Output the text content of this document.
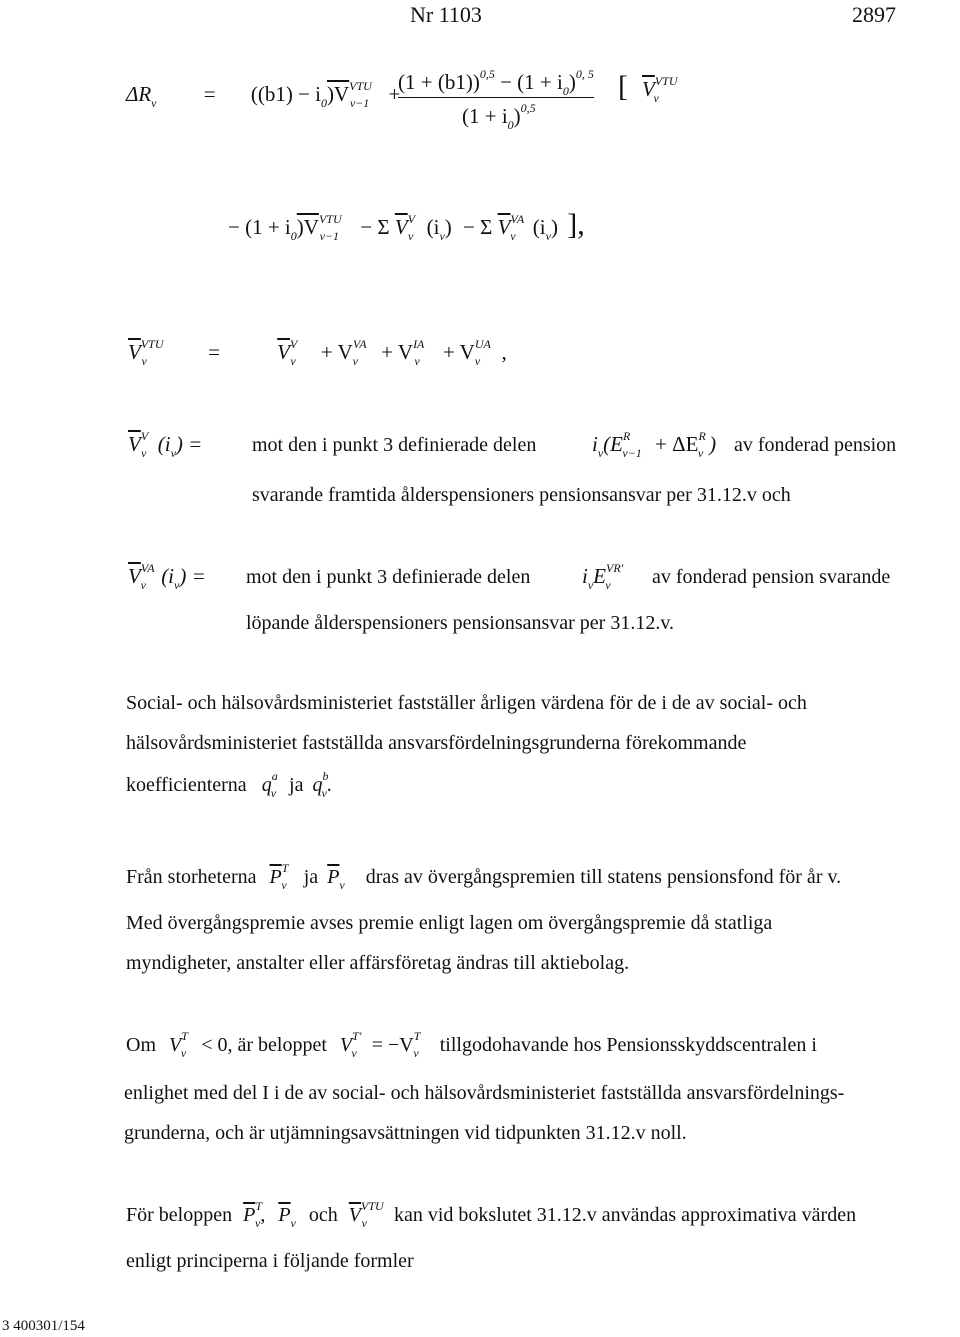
Nr 1103	2897
$\Delta R_v = ((b1) - i_0)V^{VTU}_{v-1}$ +
$(1 + (b1))^{0,5} - (1 + i_0)^{0, 5}$
$(1 + i_0)^{0,5}$
[ $\overline{V}^{VTU}_v$
− $(1 + i_0)V^{VTU}_{v-1} - \Sigma$ $\overline{V}^V_v$ $(i_v) - \Sigma$ $\overline{V}^{VA}_v$ $(i_v)$ ],
$\overline{V}^{VTU}_v$	=	$\overline{V}^V_v + V^{VA}_v + V^{IA}_v + V^{UA}_v$ ,
$\overline{V}^V_v$ $(i_v)$ = mot den i punkt 3 definierade delen	$i_v(E^R_{v-1} + \Delta E^R_v$ ) av fonderad pension
svarande framtida ålderspensioners pensionsansvar per 31.12.v och
$\overline{V}^{VA}_v$ $(i_v)$ = mot den i punkt 3 definierade delen $i_vE^{VR'}_v$ av fonderad pension svarande
löpande ålderspensioners pensionsansvar per 31.12.v.
Social- och hälsovårdsministeriet fastställer årligen värdena för de i de av social- och
hälsovårdsministeriet fastställda ansvarsfördelningsgrunderna förekommande
koefficienterna $q^a_v$ ja $q^b_v$.
Från storheterna $\overline{P}^T_v$ ja $\overline{P}_v$ dras av övergångspremien till statens pensionsfond för år v.
Med övergångspremie avses premie enligt lagen om övergångspremie då statliga
myndigheter, anstalter eller affärsföretag ändras till aktiebolag.
Om $V^T_v < 0$, är beloppet $V^{T'}_v = -V^T_v$ tillgodohavande hos Pensionsskyddscentralen i
enlighet med del I i de av social- och hälsovårdsministeriet fastställda ansvarsfördelnings-
grunderna, och är utjämningsavsättningen vid tidpunkten 31.12.v noll.
För beloppen $\overline{P}^T_v$, $\overline{P}_v$ och $\overline{V}^{VTU}_v$ kan vid bokslutet 31.12.v användas approximativa värden
enligt principerna i följande formler
3 400301/154
